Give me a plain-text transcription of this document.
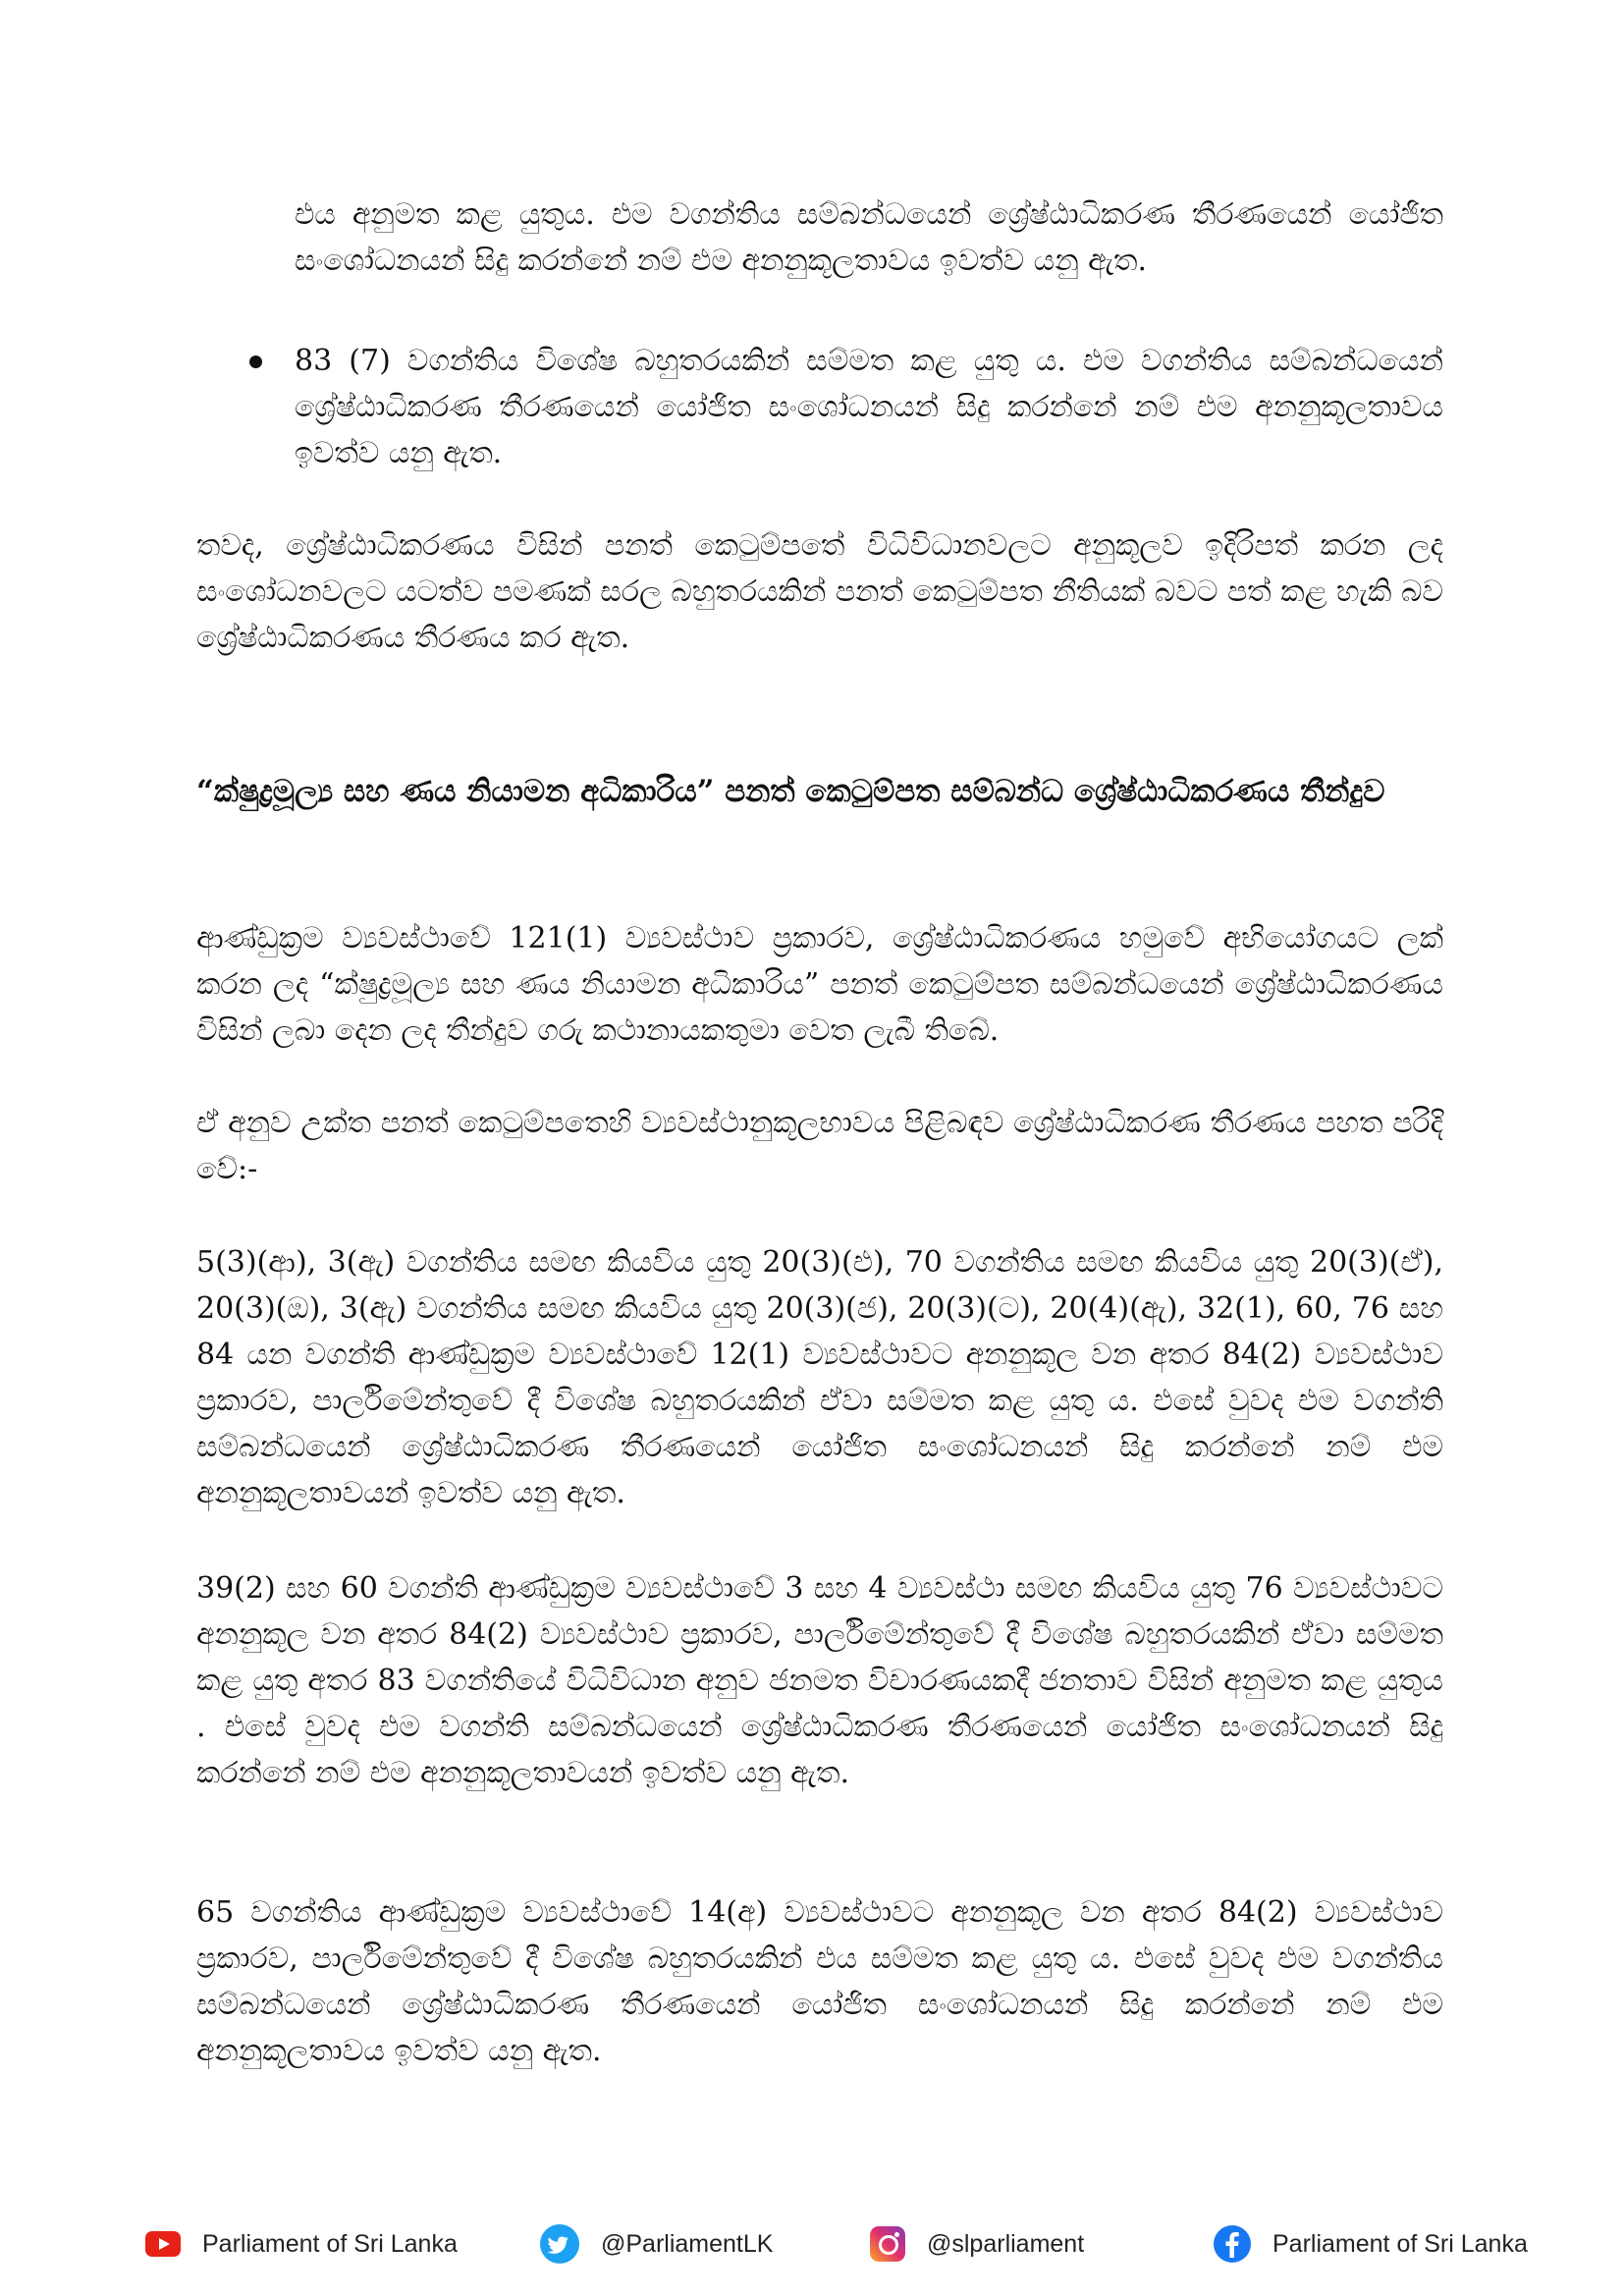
එය අනුමත කළ යුතුය. එම වගන්තිය සම්බන්ධයෙන් ශ්‍රේෂ්ඨාධිකරණ තීරණයෙන් යෝජිත සංශෝධනයන් සිදු කරන්නේ නම් එම අනනුකූලතාවය ඉවත්ව යනු ඇත.

83 (7) වගන්තිය විශේෂ බහුතරයකින් සම්මත කළ යුතු ය. එම වගන්තිය සම්බන්ධයෙන් ශ්‍රේෂ්ඨාධිකරණ තීරණයෙන් යෝජිත සංශෝධනයන් සිදු කරන්නේ නම් එම අනනුකූලතාවය ඉවත්ව යනු ඇත.

තවද, ශ්‍රේෂ්ඨාධිකරණය විසින් පනත් කෙටුම්පතේ විධිවිධානවලට අනුකූලව ඉදිරිපත් කරන ලද සංශෝධනවලට යටත්ව පමණක් සරල බහුතරයකින් පනත් කෙටුම්පත නීතියක් බවට පත් කළ හැකි බව ශ්‍රේෂ්ඨාධිකරණය තීරණය කර ඇත.

“ක්ෂුද්‍රමූල්‍ය සහ ණය නියාමන අධිකාරිය” පනත් කෙටුම්පත සම්බන්ධ ශ්‍රේෂ්ඨාධිකරණය තීන්දුව

ආණ්ඩුක්‍රම ව්‍යවස්ථාවේ 121(1) ව්‍යවස්ථාව ප්‍රකාරව, ශ්‍රේෂ්ඨාධිකරණය හමුවේ අභියෝගයට ලක් කරන ලද “ක්ෂුද්‍රමූල්‍ය සහ ණය නියාමන අධිකාරිය” පනත් කෙටුම්පත සම්බන්ධයෙන් ශ්‍රේෂ්ඨාධිකරණය විසින් ලබා දෙන ලද තීන්දුව ගරු කථානායකතුමා වෙත ලැබී තිබේ.

ඒ අනුව උක්ත පනත් කෙටුම්පතෙහි ව්‍යවස්ථානුකූලභාවය පිළිබඳව ශ්‍රේෂ්ඨාධිකරණ තීරණය පහත පරිදි වේ:-

5(3)(ආ), 3(ඇ) වගන්තිය සමඟ කියවිය යුතු 20(3)(එ), 70 වගන්තිය සමඟ කියවිය යුතු 20(3)(ඒ), 20(3)(ඔ), 3(ඇ) වගන්තිය සමඟ කියවිය යුතු 20(3)(ජ), 20(3)(ට), 20(4)(ඇ), 32(1), 60, 76 සහ 84 යන වගන්ති ආණ්ඩුක්‍රම ව්‍යවස්ථාවේ 12(1) ව්‍යවස්ථාවට අනනුකූල වන අතර 84(2) ව්‍යවස්ථාව ප්‍රකාරව, පාර්ලිමේන්තුවේ දී විශේෂ බහුතරයකින් ඒවා සම්මත කළ යුතු ය. එසේ වුවද එම වගන්ති සම්බන්ධයෙන් ශ්‍රේෂ්ඨාධිකරණ තීරණයෙන් යෝජිත සංශෝධනයන් සිදු කරන්නේ නම් එම අනනුකූලතාවයන් ඉවත්ව යනු ඇත.

39(2) සහ 60 වගන්ති ආණ්ඩුක්‍රම ව්‍යවස්ථාවේ 3 සහ 4 ව්‍යවස්ථා සමඟ කියවිය යුතු 76 ව්‍යවස්ථාවට අනනුකූල වන අතර 84(2) ව්‍යවස්ථාව ප්‍රකාරව, පාර්ලිමේන්තුවේ දී විශේෂ බහුතරයකින් ඒවා සම්මත කළ යුතු අතර 83 වගන්තියේ විධිවිධාන අනුව ජනමත විචාරණයකදී ජනතාව විසින් අනුමත කළ යුතුය . එසේ වුවද එම වගන්ති සම්බන්ධයෙන් ශ්‍රේෂ්ඨාධිකරණ තීරණයෙන් යෝජිත සංශෝධනයන් සිදු කරන්නේ නම් එම අනනුකූලතාවයන් ඉවත්ව යනු ඇත.

65 වගන්තිය ආණ්ඩුක්‍රම ව්‍යවස්ථාවේ 14(අ) ව්‍යවස්ථාවට අනනුකූල වන අතර 84(2) ව්‍යවස්ථාව ප්‍රකාරව, පාර්ලිමේන්තුවේ දී විශේෂ බහුතරයකින් එය සම්මත කළ යුතු ය. එසේ වුවද එම වගන්තිය සම්බන්ධයෙන් ශ්‍රේෂ්ඨාධිකරණ තීරණයෙන් යෝජිත සංශෝධනයන් සිදු කරන්නේ නම් එම අනනුකූලතාවය ඉවත්ව යනු ඇත.

Parliament of Sri Lanka	@ParliamentLK	@slparliament	Parliament of Sri Lanka
